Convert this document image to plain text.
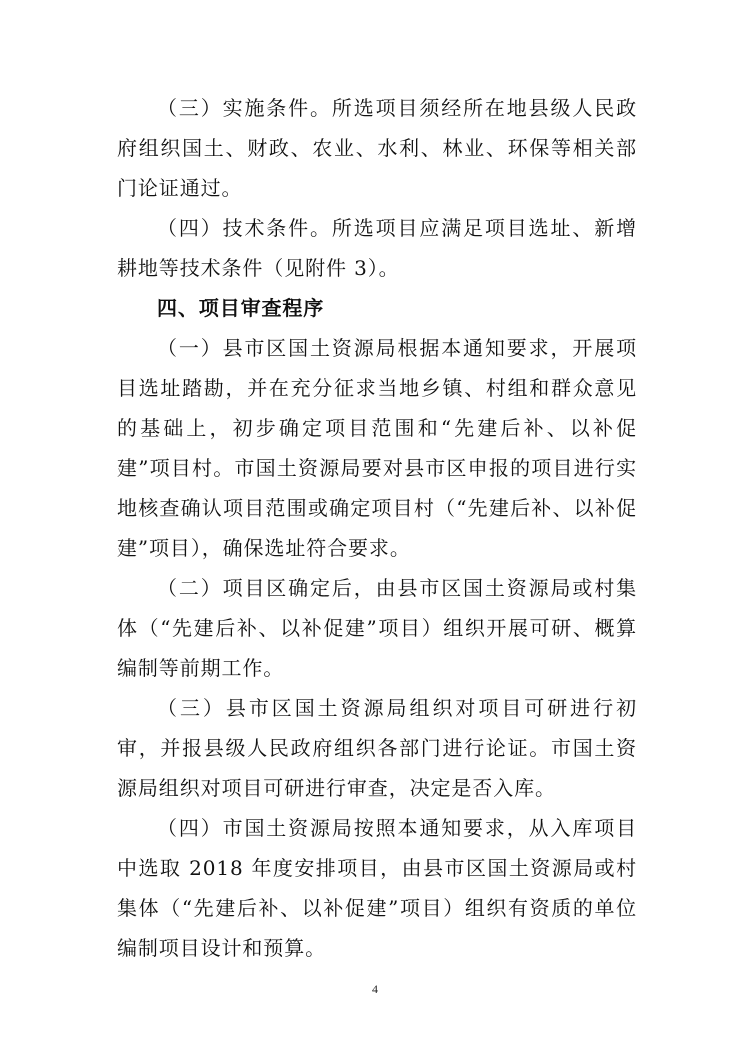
（三）实施条件。所选项目须经所在地县级人民政府组织国土、财政、农业、水利、林业、环保等相关部门论证通过。

（四）技术条件。所选项目应满足项目选址、新增耕地等技术条件（见附件 3）。

四、项目审查程序

（一）县市区国土资源局根据本通知要求，开展项目选址踏勘，并在充分征求当地乡镇、村组和群众意见的基础上，初步确定项目范围和“先建后补、以补促建”项目村。市国土资源局要对县市区申报的项目进行实地核查确认项目范围或确定项目村（“先建后补、以补促建”项目），确保选址符合要求。

（二）项目区确定后，由县市区国土资源局或村集体（“先建后补、以补促建”项目）组织开展可研、概算编制等前期工作。

（三）县市区国土资源局组织对项目可研进行初审，并报县级人民政府组织各部门进行论证。市国土资源局组织对项目可研进行审查，决定是否入库。

（四）市国土资源局按照本通知要求，从入库项目中选取 2018 年度安排项目，由县市区国土资源局或村集体（“先建后补、以补促建”项目）组织有资质的单位编制项目设计和预算。

4
